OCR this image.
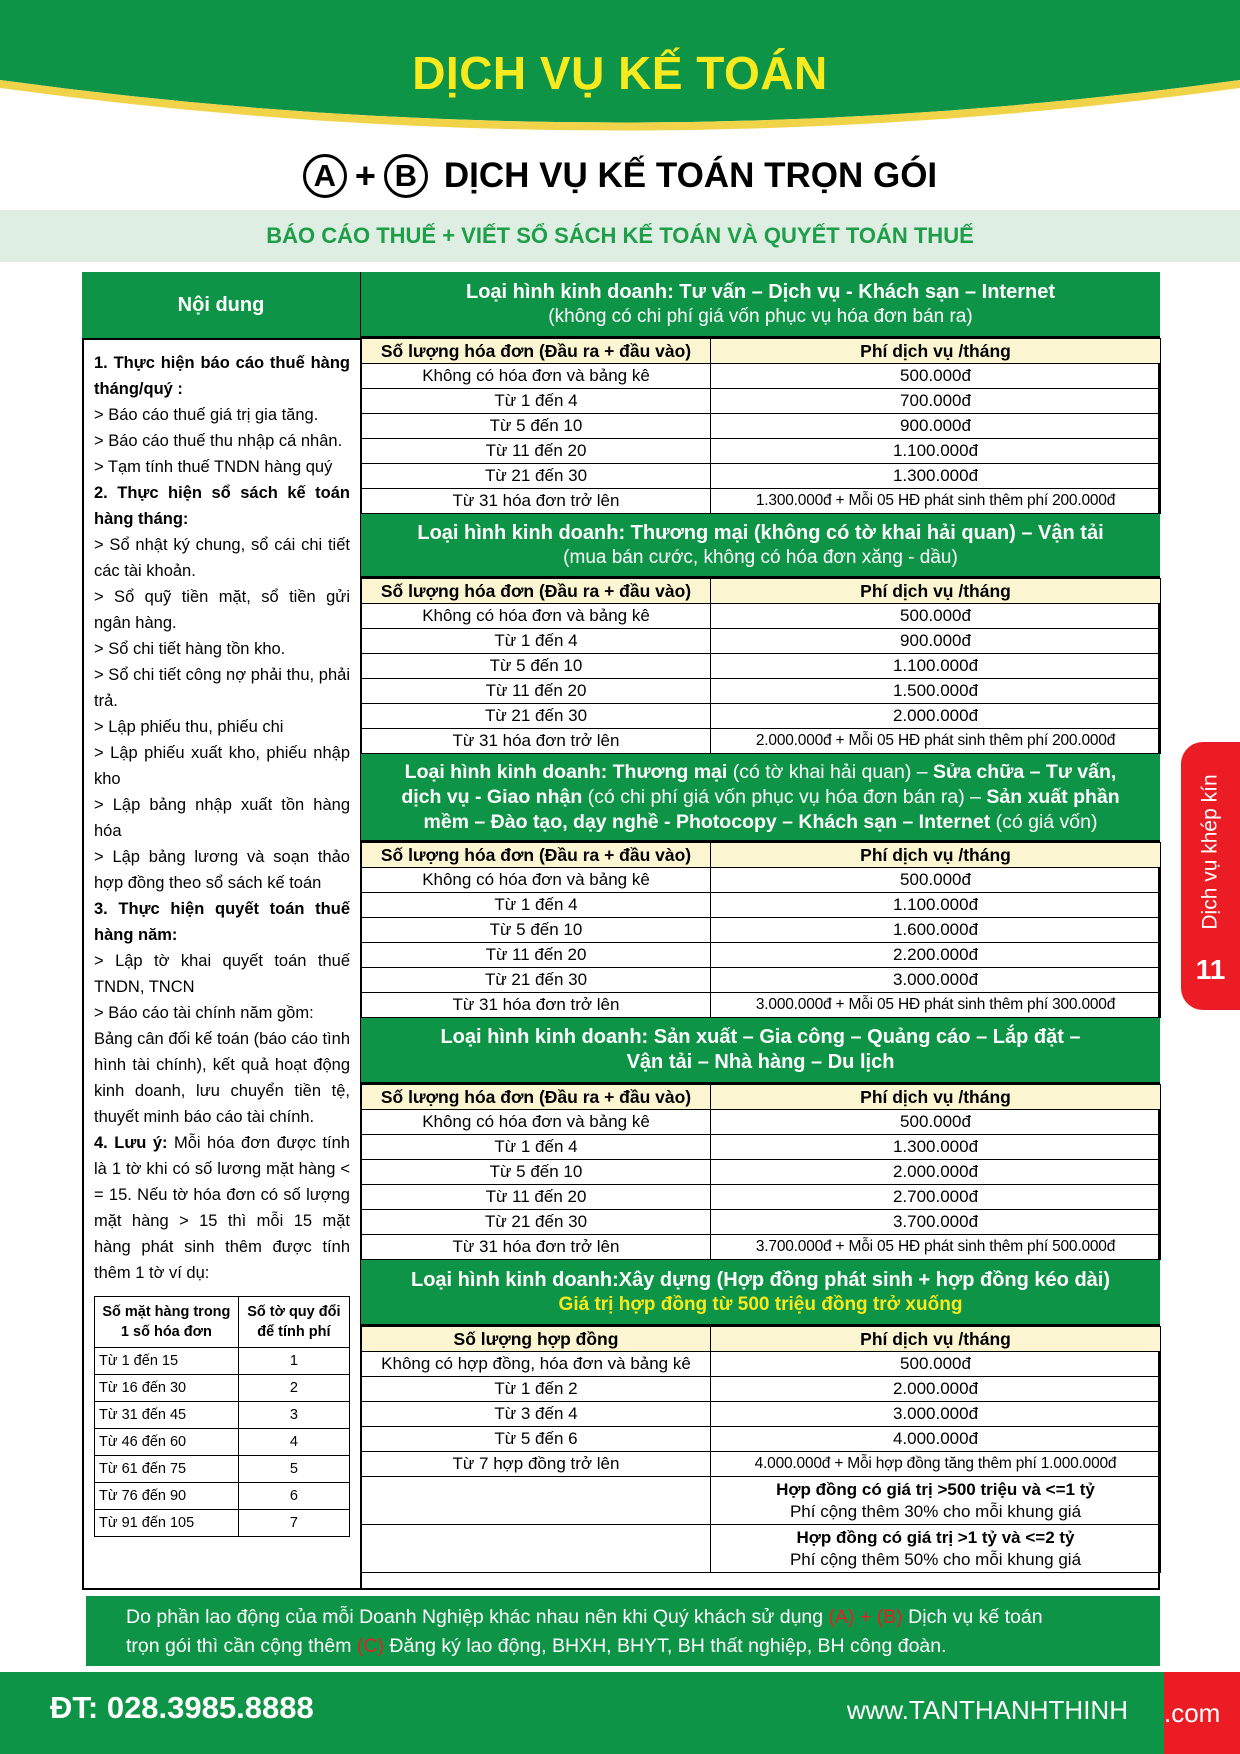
DỊCH VỤ KẾ TOÁN
A + B DỊCH VỤ KẾ TOÁN TRỌN GÓI
BÁO CÁO THUẾ + VIẾT SỔ SÁCH KẾ TOÁN VÀ QUYẾT TOÁN THUẾ
Nội dung

1. Thực hiện báo cáo thuế hàng tháng/quý :

> Báo cáo thuế giá trị gia tăng.

> Báo cáo thuế thu nhập cá nhân.

> Tạm tính thuế TNDN hàng quý

2. Thực hiện sổ sách kế toán hàng tháng:

> Sổ nhật ký chung, sổ cái chi tiết các tài khoản.

> Sổ quỹ tiền mặt, sổ tiền gửi ngân hàng.

> Sổ chi tiết hàng tồn kho.

> Sổ chi tiết công nợ phải thu, phải trả.

> Lập phiếu thu, phiếu chi

> Lập phiếu xuất kho, phiếu nhập kho

> Lập bảng nhập xuất tồn hàng hóa

> Lập bảng lương và soạn thảo hợp đồng theo sổ sách kế toán

3. Thực hiện quyết toán thuế hàng năm:

> Lập tờ khai quyết toán thuế TNDN, TNCN

> Báo cáo tài chính năm gồm:

Bảng cân đối kế toán (báo cáo tình hình tài chính), kết quả hoạt động kinh doanh, lưu chuyển tiền tệ, thuyết minh báo cáo tài chính.

4. Lưu ý: Mỗi hóa đơn được tính là 1 tờ khi có số lương mặt hàng < = 15. Nếu tờ hóa đơn có số lượng mặt hàng > 15 thì mỗi 15 mặt hàng phát sinh thêm được tính thêm 1 tờ ví dụ:

Số mặt hàng trong 1 số hóa đơn	Số tờ quy đổi để tính phí
Từ 1 đến 15	1
Từ 16 đến 30	2
Từ 31 đến 45	3
Từ 46 đến 60	4
Từ 61 đến 75	5
Từ 76 đến 90	6
Từ 91 đến 105	7
Loại hình kinh doanh: Tư vấn – Dịch vụ - Khách sạn – Internet
(không có chi phí giá vốn phục vụ hóa đơn bán ra)
Số lượng hóa đơn (Đầu ra + đầu vào)	Phí dịch vụ /tháng
Không có hóa đơn và bảng kê	500.000đ
Từ 1 đến 4	700.000đ
Từ 5 đến 10	900.000đ
Từ 11 đến 20	1.100.000đ
Từ 21 đến 30	1.300.000đ
Từ 31 hóa đơn trở lên	1.300.000đ + Mỗi 05 HĐ phát sinh thêm phí 200.000đ
Loại hình kinh doanh: Thương mại (không có tờ khai hải quan) – Vận tải
(mua bán cước, không có hóa đơn xăng - dầu)
Số lượng hóa đơn (Đầu ra + đầu vào)	Phí dịch vụ /tháng
Không có hóa đơn và bảng kê	500.000đ
Từ 1 đến 4	900.000đ
Từ 5 đến 10	1.100.000đ
Từ 11 đến 20	1.500.000đ
Từ 21 đến 30	2.000.000đ
Từ 31 hóa đơn trở lên	2.000.000đ + Mỗi 05 HĐ phát sinh thêm phí 200.000đ
Loại hình kinh doanh: Thương mại (có tờ khai hải quan) – Sửa chữa – Tư vấn,
dịch vụ - Giao nhận (có chi phí giá vốn phục vụ hóa đơn bán ra) – Sản xuất phần
mềm – Đào tạo, dạy nghề - Photocopy – Khách sạn – Internet (có giá vốn)
Số lượng hóa đơn (Đầu ra + đầu vào)	Phí dịch vụ /tháng
Không có hóa đơn và bảng kê	500.000đ
Từ 1 đến 4	1.100.000đ
Từ 5 đến 10	1.600.000đ
Từ 11 đến 20	2.200.000đ
Từ 21 đến 30	3.000.000đ
Từ 31 hóa đơn trở lên	3.000.000đ + Mỗi 05 HĐ phát sinh thêm phí 300.000đ
Loại hình kinh doanh: Sản xuất – Gia công – Quảng cáo – Lắp đặt –
Vận tải – Nhà hàng – Du lịch
Số lượng hóa đơn (Đầu ra + đầu vào)	Phí dịch vụ /tháng
Không có hóa đơn và bảng kê	500.000đ
Từ 1 đến 4	1.300.000đ
Từ 5 đến 10	2.000.000đ
Từ 11 đến 20	2.700.000đ
Từ 21 đến 30	3.700.000đ
Từ 31 hóa đơn trở lên	3.700.000đ + Mỗi 05 HĐ phát sinh thêm phí 500.000đ
Loại hình kinh doanh:Xây dựng (Hợp đồng phát sinh + hợp đồng kéo dài)
Giá trị hợp đồng từ 500 triệu đồng trở xuống
Số lượng hợp đồng	Phí dịch vụ /tháng
Không có hợp đồng, hóa đơn và bảng kê	500.000đ
Từ 1 đến 2	2.000.000đ
Từ 3 đến 4	3.000.000đ
Từ 5 đến 6	4.000.000đ
Từ 7 hợp đồng trở lên	4.000.000đ + Mỗi hợp đồng tăng thêm phí 1.000.000đ
	Hợp đồng có giá trị >500 triệu và <=1 tỷ
Phí cộng thêm 30% cho mỗi khung giá
	Hợp đồng có giá trị >1 tỷ và <=2 tỷ
Phí cộng thêm 50% cho mỗi khung giá
Do phần lao động của mỗi Doanh Nghiệp khác nhau nên khi Quý khách sử dụng (A) + (B) Dịch vụ kế toán
trọn gói thì cần cộng thêm (C) Đăng ký lao động, BHXH, BHYT, BH thất nghiệp, BH công đoàn.
ĐT: 028.3985.8888	www.TANTHANHTHINH .com
Dịch vụ khép kín
11
